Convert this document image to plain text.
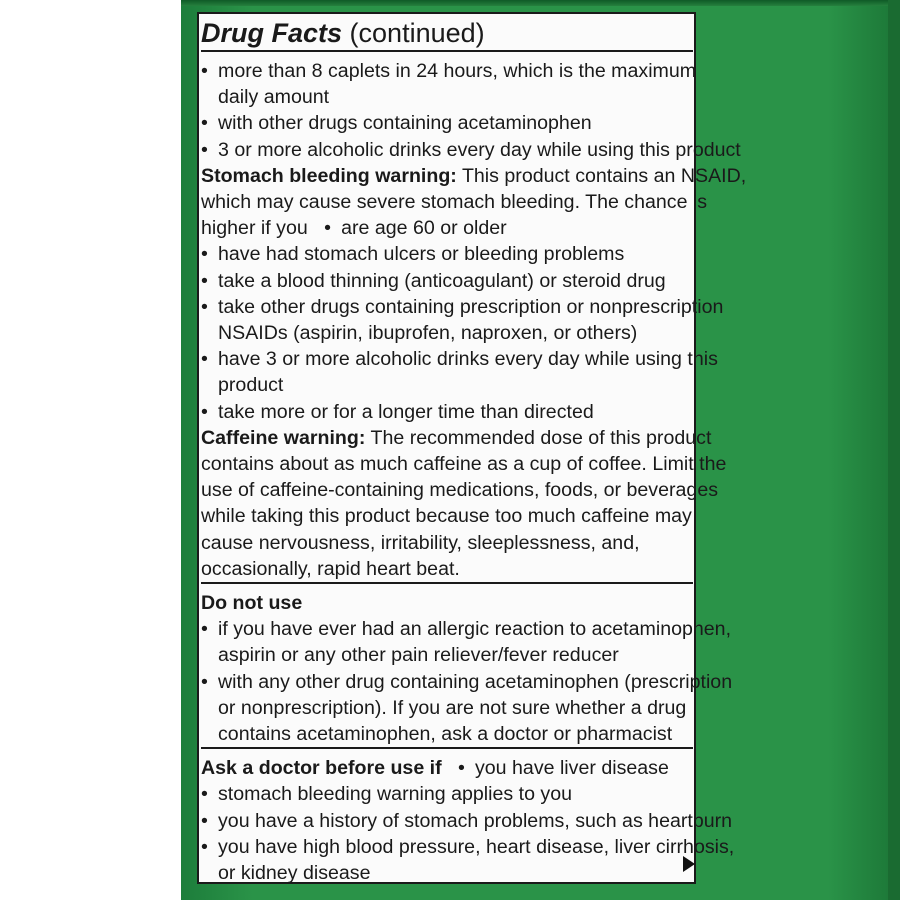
Drug Facts (continued)
• more than 8 caplets in 24 hours, which is the maximum
daily amount
• with other drugs containing acetaminophen
• 3 or more alcoholic drinks every day while using this product
Stomach bleeding warning: This product contains an NSAID,
which may cause severe stomach bleeding. The chance is
higher if you • are age 60 or older
• have had stomach ulcers or bleeding problems
• take a blood thinning (anticoagulant) or steroid drug
• take other drugs containing prescription or nonprescription
NSAIDs (aspirin, ibuprofen, naproxen, or others)
• have 3 or more alcoholic drinks every day while using this
product
• take more or for a longer time than directed
Caffeine warning: The recommended dose of this product
contains about as much caffeine as a cup of coffee. Limit the
use of caffeine-containing medications, foods, or beverages
while taking this product because too much caffeine may
cause nervousness, irritability, sleeplessness, and,
occasionally, rapid heart beat.
Do not use
• if you have ever had an allergic reaction to acetaminophen,
aspirin or any other pain reliever/fever reducer
• with any other drug containing acetaminophen (prescription
or nonprescription). If you are not sure whether a drug
contains acetaminophen, ask a doctor or pharmacist
Ask a doctor before use if • you have liver disease
• stomach bleeding warning applies to you
• you have a history of stomach problems, such as heartburn
• you have high blood pressure, heart disease, liver cirrhosis,
or kidney disease
